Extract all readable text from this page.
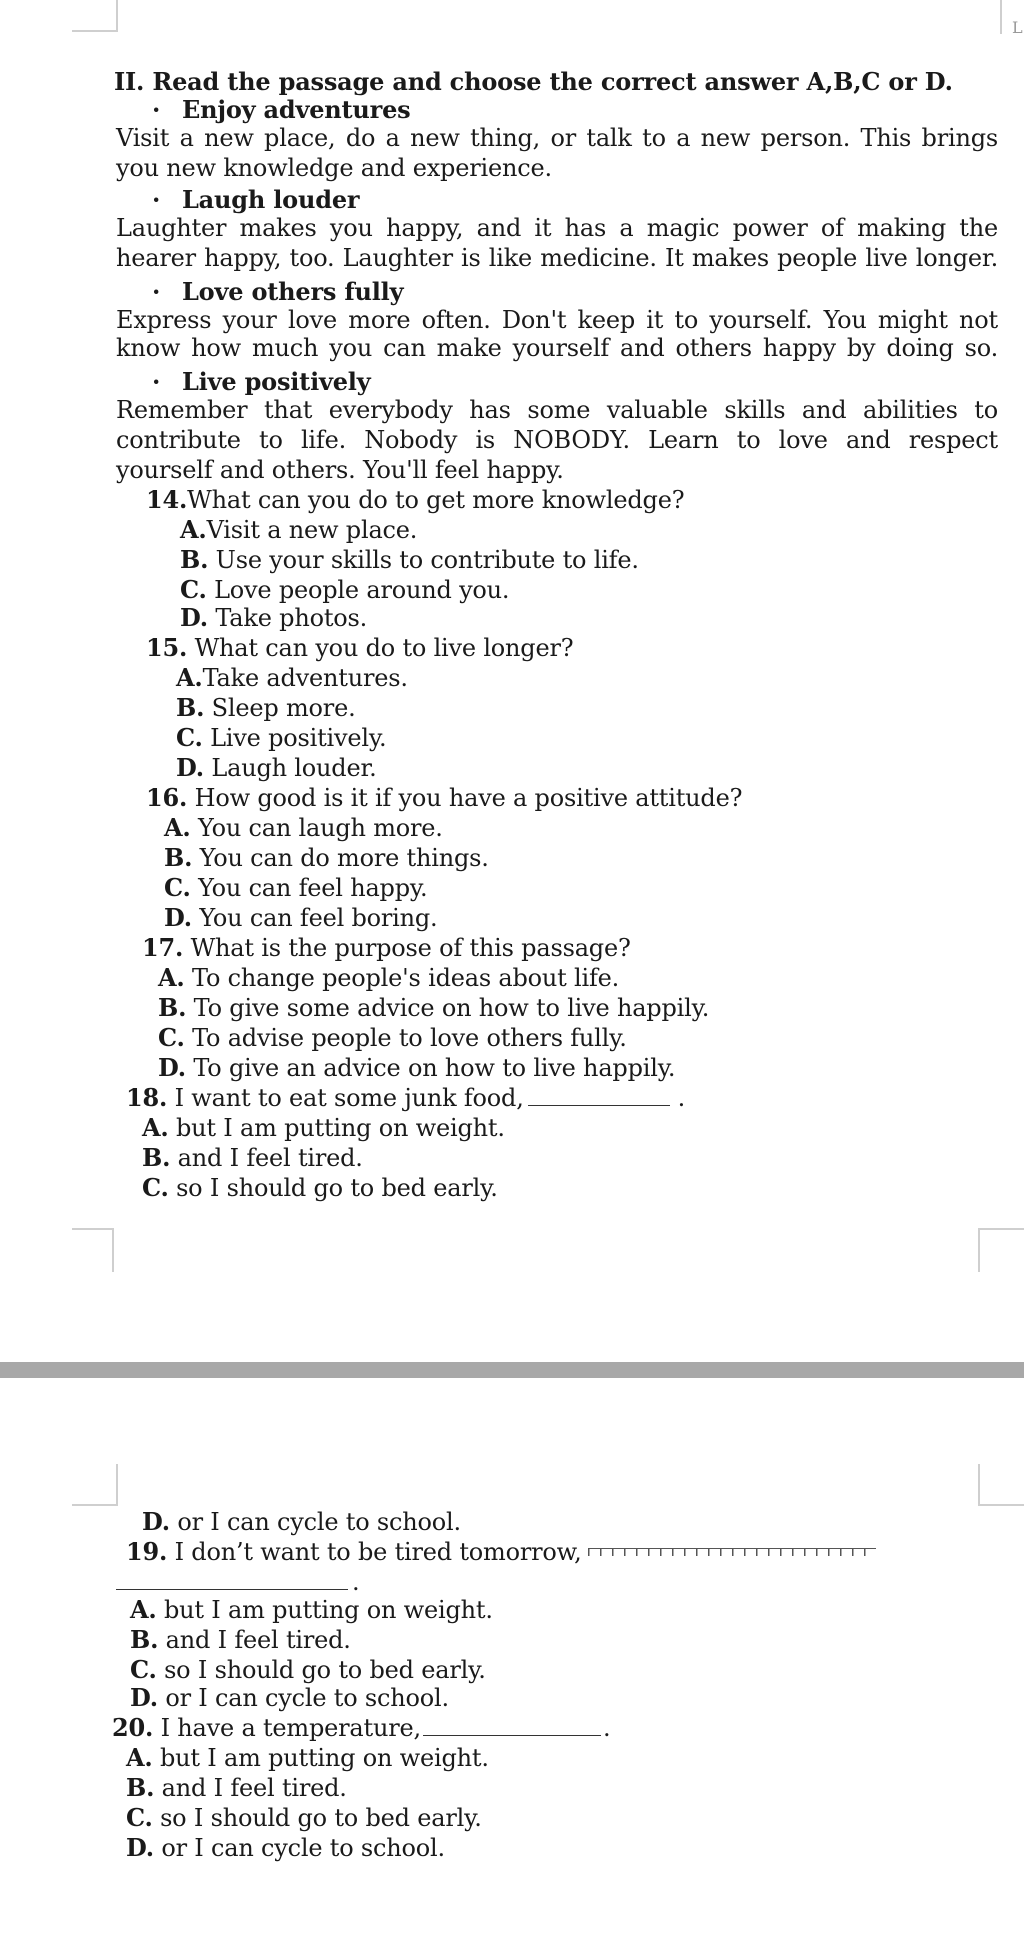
L
II. Read the passage and choose the correct answer A,B,C or D.
· Enjoy adventures
Visit a new place, do a new thing, or talk to a new person. This brings
you new knowledge and experience.
· Laugh louder
Laughter makes you happy, and it has a magic power of making the
hearer happy, too. Laughter is like medicine. It makes people live longer.
· Love others fully
Express your love more often. Don't keep it to yourself. You might not
know how much you can make yourself and others happy by doing so.
· Live positively
Remember that everybody has some valuable skills and abilities to
contribute to life. Nobody is NOBODY. Learn to love and respect
yourself and others. You'll feel happy.
14.What can you do to get more knowledge?
A.Visit a new place.
B. Use your skills to contribute to life.
C. Love people around you.
D. Take photos.
15. What can you do to live longer?
A.Take adventures.
B. Sleep more.
C. Live positively.
D. Laugh louder.
16. How good is it if you have a positive attitude?
A. You can laugh more.
B. You can do more things.
C. You can feel happy.
D. You can feel boring.
17. What is the purpose of this passage?
A. To change people's ideas about life.
B. To give some advice on how to live happily.
C. To advise people to love others fully.
D. To give an advice on how to live happily.
18. I want to eat some junk food,	.
A. but I am putting on weight.
B. and I feel tired.
C. so I should go to bed early.
D. or I can cycle to school.
19. I don’t want to be tired tomorrow,
.
A. but I am putting on weight.
B. and I feel tired.
C. so I should go to bed early.
D. or I can cycle to school.
20. I have a temperature,	.
A. but I am putting on weight.
B. and I feel tired.
C. so I should go to bed early.
D. or I can cycle to school.
